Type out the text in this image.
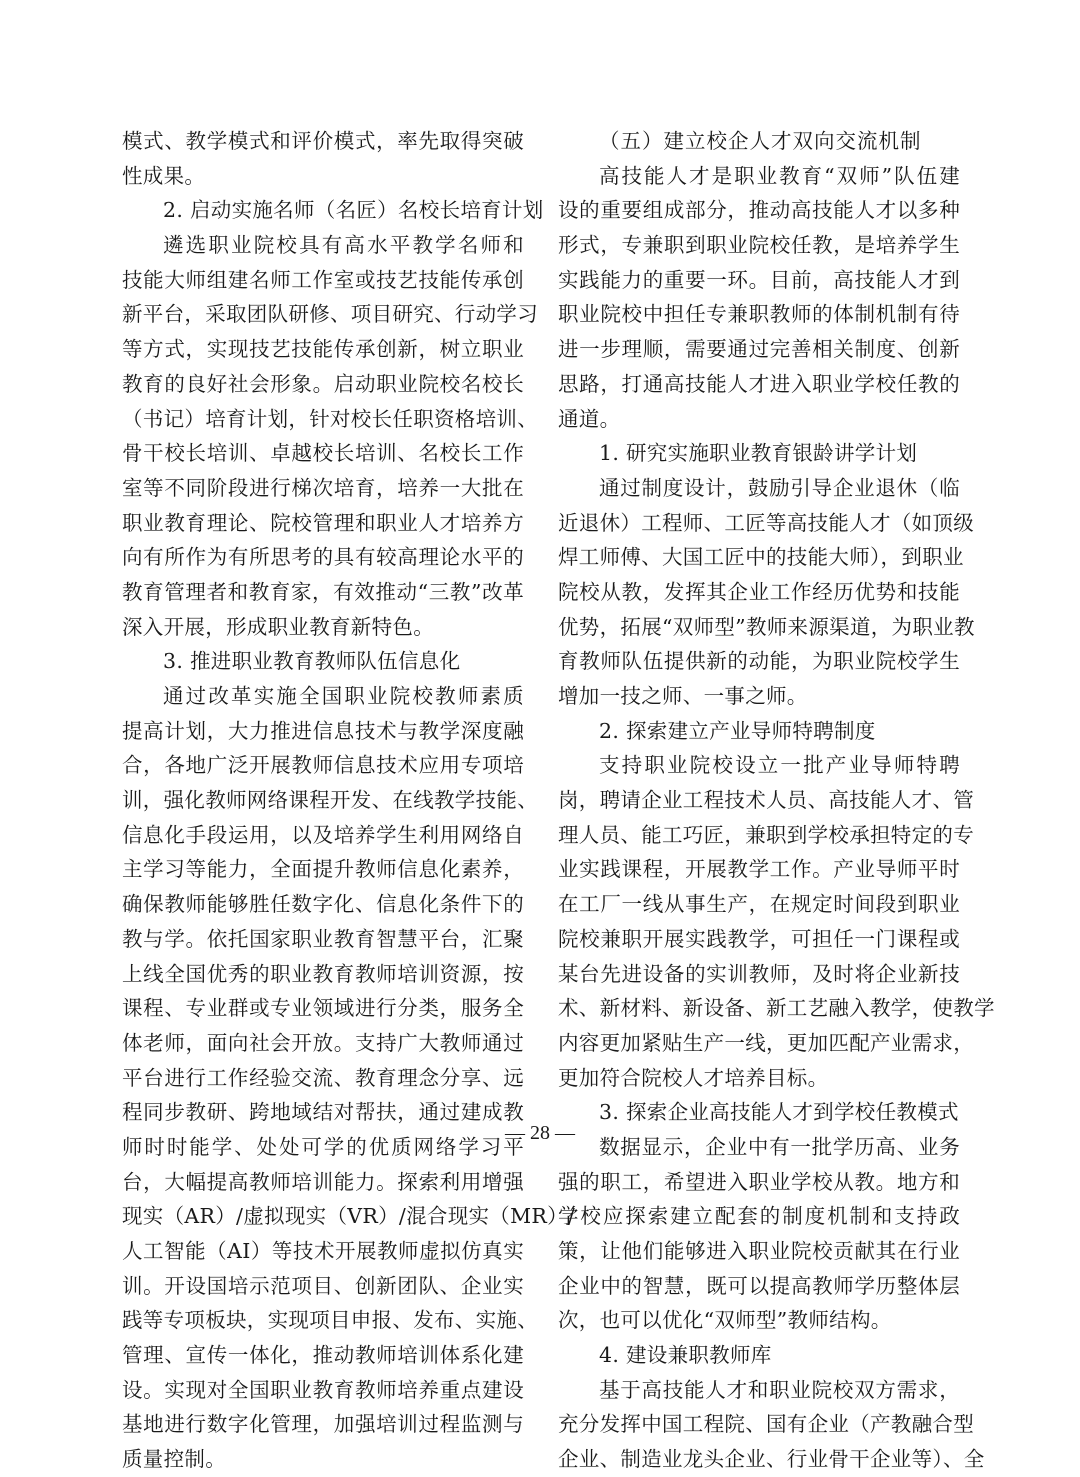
模式、教学模式和评价模式，率先取得突破
性成果。
2. 启动实施名师（名匠）名校长培育计划
遴选职业院校具有高水平教学名师和
技能大师组建名师工作室或技艺技能传承创
新平台，采取团队研修、项目研究、行动学习
等方式，实现技艺技能传承创新，树立职业
教育的良好社会形象。启动职业院校名校长
（书记）培育计划，针对校长任职资格培训、
骨干校长培训、卓越校长培训、名校长工作
室等不同阶段进行梯次培育，培养一大批在
职业教育理论、院校管理和职业人才培养方
向有所作为有所思考的具有较高理论水平的
教育管理者和教育家，有效推动“三教”改革
深入开展，形成职业教育新特色。
3. 推进职业教育教师队伍信息化
通过改革实施全国职业院校教师素质
提高计划，大力推进信息技术与教学深度融
合，各地广泛开展教师信息技术应用专项培
训，强化教师网络课程开发、在线教学技能、
信息化手段运用，以及培养学生利用网络自
主学习等能力，全面提升教师信息化素养，
确保教师能够胜任数字化、信息化条件下的
教与学。依托国家职业教育智慧平台，汇聚
上线全国优秀的职业教育教师培训资源，按
课程、专业群或专业领域进行分类，服务全
体老师，面向社会开放。支持广大教师通过
平台进行工作经验交流、教育理念分享、远
程同步教研、跨地域结对帮扶，通过建成教
师时时能学、处处可学的优质网络学习平
台，大幅提高教师培训能力。探索利用增强
现实（AR）/虚拟现实（VR）/混合现实（MR）/
人工智能（AI）等技术开展教师虚拟仿真实
训。开设国培示范项目、创新团队、企业实
践等专项板块，实现项目申报、发布、实施、
管理、宣传一体化，推动教师培训体系化建
设。实现对全国职业教育教师培养重点建设
基地进行数字化管理，加强培训过程监测与
质量控制。
（五）建立校企人才双向交流机制
高技能人才是职业教育“双师”队伍建
设的重要组成部分，推动高技能人才以多种
形式，专兼职到职业院校任教，是培养学生
实践能力的重要一环。目前，高技能人才到
职业院校中担任专兼职教师的体制机制有待
进一步理顺，需要通过完善相关制度、创新
思路，打通高技能人才进入职业学校任教的
通道。
1. 研究实施职业教育银龄讲学计划
通过制度设计，鼓励引导企业退休（临
近退休）工程师、工匠等高技能人才（如顶级
焊工师傅、大国工匠中的技能大师），到职业
院校从教，发挥其企业工作经历优势和技能
优势，拓展“双师型”教师来源渠道，为职业教
育教师队伍提供新的动能，为职业院校学生
增加一技之师、一事之师。
2. 探索建立产业导师特聘制度
支持职业院校设立一批产业导师特聘
岗，聘请企业工程技术人员、高技能人才、管
理人员、能工巧匠，兼职到学校承担特定的专
业实践课程，开展教学工作。产业导师平时
在工厂一线从事生产，在规定时间段到职业
院校兼职开展实践教学，可担任一门课程或
某台先进设备的实训教师，及时将企业新技
术、新材料、新设备、新工艺融入教学，使教学
内容更加紧贴生产一线，更加匹配产业需求，
更加符合院校人才培养目标。
3. 探索企业高技能人才到学校任教模式
数据显示，企业中有一批学历高、业务
强的职工，希望进入职业学校从教。地方和
学校应探索建立配套的制度机制和支持政
策，让他们能够进入职业院校贡献其在行业
企业中的智慧，既可以提高教师学历整体层
次，也可以优化“双师型”教师结构。
4. 建设兼职教师库
基于高技能人才和职业院校双方需求，
充分发挥中国工程院、国有企业（产教融合型
企业、制造业龙头企业、行业骨干企业等）、全
— 28 —
